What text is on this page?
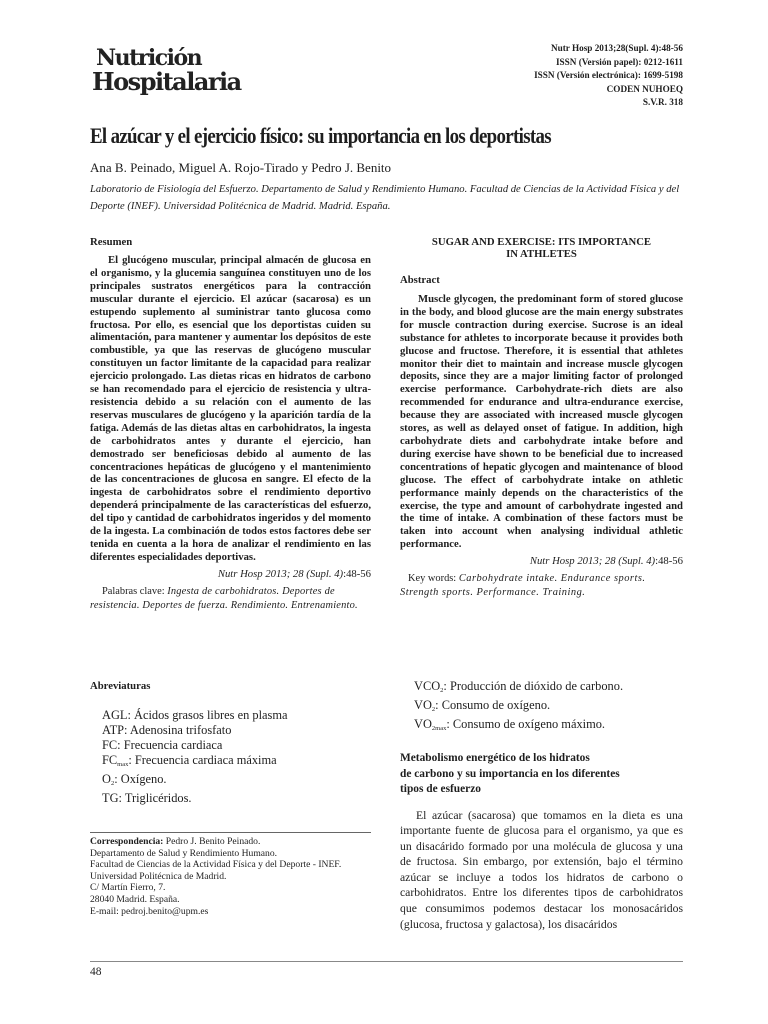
Nutrición
Hospitalaria
Nutr Hosp 2013;28(Supl. 4):48-56
ISSN (Versión papel): 0212-1611
ISSN (Versión electrónica): 1699-5198
CODEN NUHOEQ
S.V.R. 318
El azúcar y el ejercicio físico: su importancia en los deportistas
Ana B. Peinado, Miguel A. Rojo-Tirado y Pedro J. Benito
Laboratorio de Fisiología del Esfuerzo. Departamento de Salud y Rendimiento Humano. Facultad de Ciencias de la Actividad Física y del Deporte (INEF). Universidad Politécnica de Madrid. Madrid. España.
Resumen

El glucógeno muscular, principal almacén de glucosa en el organismo, y la glucemia sanguínea constituyen uno de los principales sustratos energéticos para la contracción muscular durante el ejercicio. El azúcar (sacarosa) es un estupendo suplemento al suministrar tanto glucosa como fructosa. Por ello, es esencial que los deportistas cuiden su alimentación, para mantener y aumentar los depósitos de este combustible, ya que las reservas de glucógeno muscular constituyen un factor limitante de la capacidad para realizar ejercicio prolongado. Las dietas ricas en hidratos de carbono se han recomendado para el ejercicio de resistencia y ultra-resistencia debido a su relación con el aumento de las reservas musculares de glucógeno y la aparición tardía de la fatiga. Además de las dietas altas en carbohidratos, la ingesta de carbohidratos antes y durante el ejercicio, han demostrado ser beneficiosas debido al aumento de las concentraciones hepáticas de glucógeno y el mantenimiento de las concentraciones de glucosa en sangre. El efecto de la ingesta de carbohidratos sobre el rendimiento deportivo dependerá principalmente de las características del esfuerzo, del tipo y cantidad de carbohidratos ingeridos y del momento de la ingesta. La combinación de todos estos factores debe ser tenida en cuenta a la hora de analizar el rendimiento en las diferentes especialidades deportivas.

Nutr Hosp 2013; 28 (Supl. 4):48-56
Palabras clave: Ingesta de carbohidratos. Deportes de resistencia. Deportes de fuerza. Rendimiento. Entrenamiento.
SUGAR AND EXERCISE: ITS IMPORTANCE
IN ATHLETES
Abstract

Muscle glycogen, the predominant form of stored glucose in the body, and blood glucose are the main energy substrates for muscle contraction during exercise. Sucrose is an ideal substance for athletes to incorporate because it provides both glucose and fructose. Therefore, it is essential that athletes monitor their diet to maintain and increase muscle glycogen deposits, since they are a major limiting factor of prolonged exercise performance. Carbohydrate-rich diets are also recommended for endurance and ultra-endurance exercise, because they are associated with increased muscle glycogen stores, as well as delayed onset of fatigue. In addition, high carbohydrate diets and carbohydrate intake before and during exercise have shown to be beneficial due to increased concentrations of hepatic glycogen and maintenance of blood glucose. The effect of carbohydrate intake on athletic performance mainly depends on the characteristics of the exercise, the type and amount of carbohydrate ingested and the time of intake. A combination of these factors must be taken into account when analysing individual athletic performance.

Nutr Hosp 2013; 28 (Supl. 4):48-56
Key words: Carbohydrate intake. Endurance sports. Strength sports. Performance. Training.
Abreviaturas
AGL: Ácidos grasos libres en plasma
ATP: Adenosina trifosfato
FC: Frecuencia cardiaca
$FC_{max}$: Frecuencia cardiaca máxima
$O_2$: Oxígeno.
TG: Triglicéridos.
$VCO_2$: Producción de dióxido de carbono.
$VO_2$: Consumo de oxígeno.
$VO_{2max}$: Consumo de oxígeno máximo.
Correspondencia: Pedro J. Benito Peinado.
Departamento de Salud y Rendimiento Humano.
Facultad de Ciencias de la Actividad Física y del Deporte - INEF.
Universidad Politécnica de Madrid.
C/ Martín Fierro, 7.
28040 Madrid. España.
E-mail: pedroj.benito@upm.es
Metabolismo energético de los hidratos
de carbono y su importancia en los diferentes
tipos de esfuerzo

El azúcar (sacarosa) que tomamos en la dieta es una importante fuente de glucosa para el organismo, ya que es un disacárido formado por una molécula de glucosa y una de fructosa. Sin embargo, por extensión, bajo el término azúcar se incluye a todos los hidratos de carbono o carbohidratos. Entre los diferentes tipos de carbohidratos que consumimos podemos destacar los monosacáridos (glucosa, fructosa y galactosa), los disacáridos

48
